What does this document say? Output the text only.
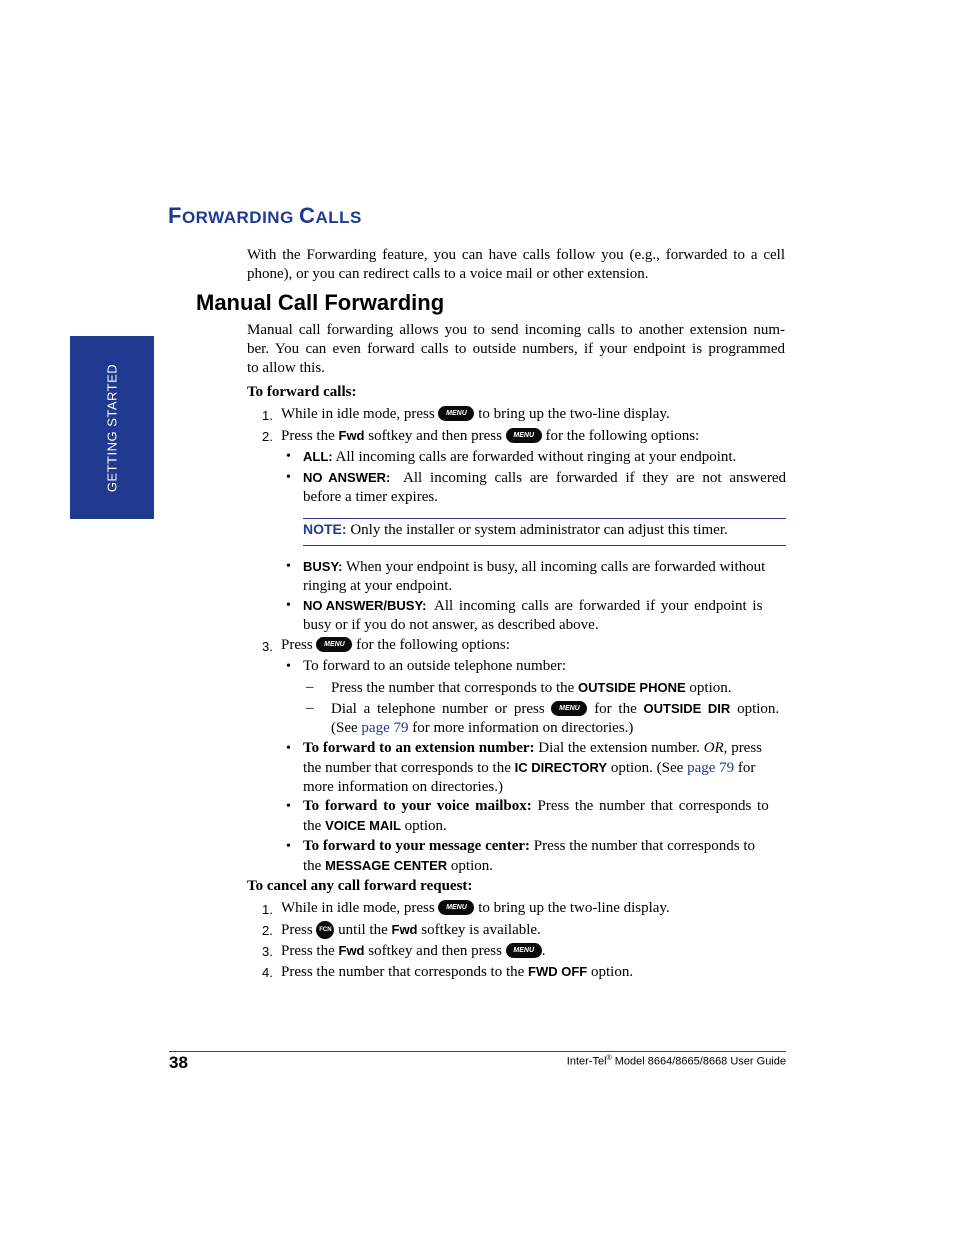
GETTING STARTED
FORWARDING CALLS
With the Forwarding feature, you can have calls follow you (e.g., forwarded to a cell
phone), or you can redirect calls to a voice mail or other extension.
Manual Call Forwarding
Manual call forwarding allows you to send incoming calls to another extension num-
ber. You can even forward calls to outside numbers, if your endpoint is programmed
to allow this.
To forward calls:
1. While in idle mode, press MENU to bring up the two-line display.
2. Press the Fwd softkey and then press MENU for the following options:
• ALL: All incoming calls are forwarded without ringing at your endpoint.
• NO ANSWER: All incoming calls are forwarded if they are not answered
before a timer expires.
NOTE: Only the installer or system administrator can adjust this timer.
• BUSY: When your endpoint is busy, all incoming calls are forwarded without
ringing at your endpoint.
• NO ANSWER/BUSY: All incoming calls are forwarded if your endpoint is
busy or if you do not answer, as described above.
3. Press MENU for the following options:
• To forward to an outside telephone number:
– Press the number that corresponds to the OUTSIDE PHONE option.
– Dial a telephone number or press MENU for the OUTSIDE DIR option.
(See page 79 for more information on directories.)
• To forward to an extension number: Dial the extension number. OR, press
the number that corresponds to the IC DIRECTORY option. (See page 79 for
more information on directories.)
• To forward to your voice mailbox: Press the number that corresponds to
the VOICE MAIL option.
• To forward to your message center: Press the number that corresponds to
the MESSAGE CENTER option.
To cancel any call forward request:
1. While in idle mode, press MENU to bring up the two-line display.
2. Press FCN until the Fwd softkey is available.
3. Press the Fwd softkey and then press MENU .
4. Press the number that corresponds to the FWD OFF option.
38	Inter-Tel® Model 8664/8665/8668 User Guide
